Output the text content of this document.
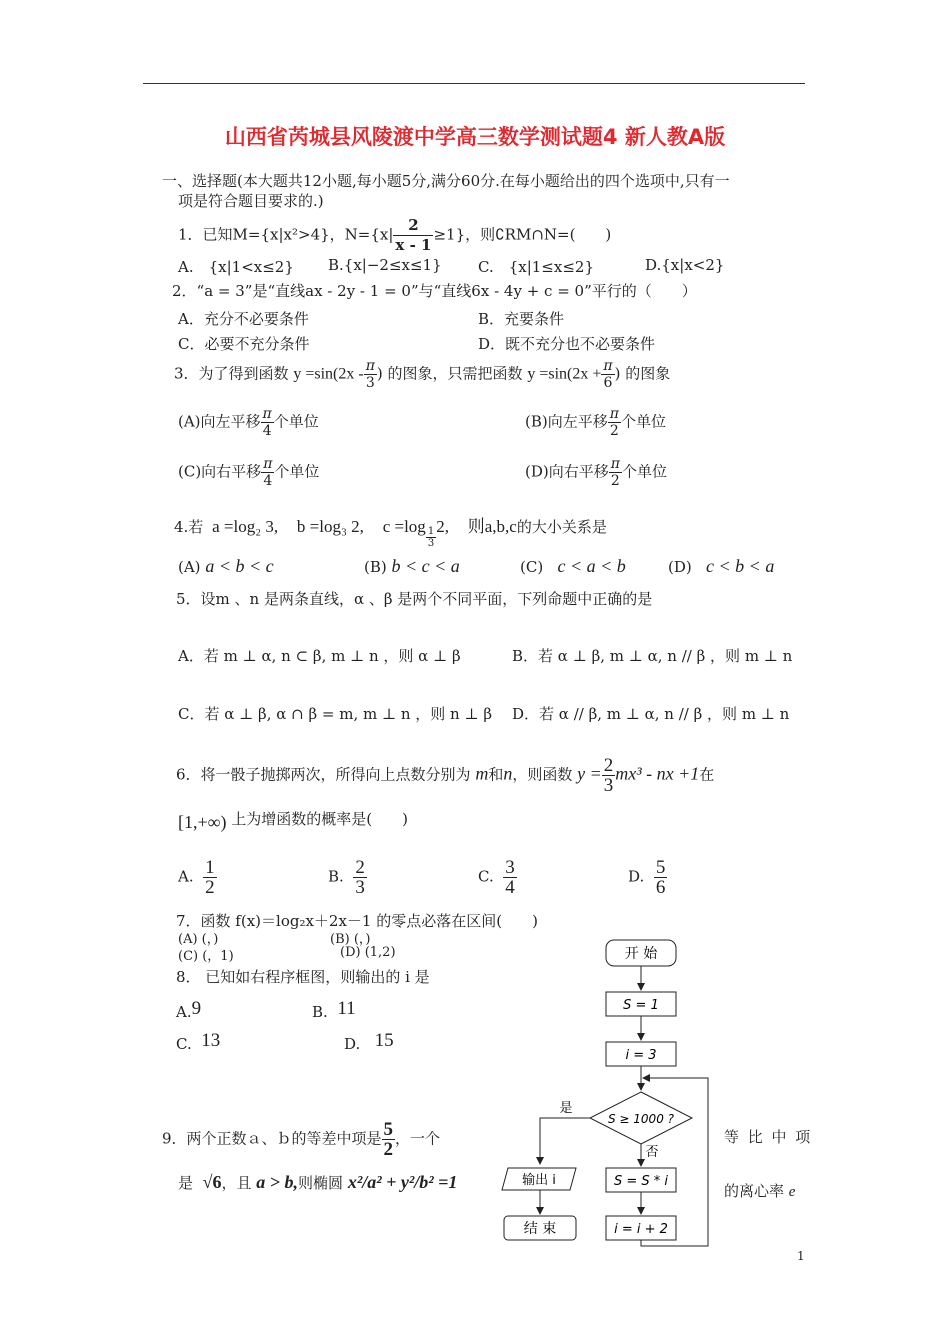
山西省芮城县风陵渡中学高三数学测试题4 新人教A版
一、选择题(本大题共12小题,每小题5分,满分60分.在每小题给出的四个选项中,只有一
项是符合题目要求的.)
1．已知M={x|x²>4}，$N=\{x| \frac{2}{x - 1} \ge 1\}$，则∁RM∩N=(　　)
A.　{x|1<x≤2} B.{x|−2≤x≤1} C.　{x|1≤x≤2}	D.{x|x<2}
2．“a = 3”是“直线ax - 2y - 1 = 0”与“直线6x - 4y + c = 0”平行的（　　）
A．充分不必要条件	B．充要条件
C．必要不充分条件	D．既不充分也不必要条件
3．为了得到函数 $y =\sin(2x - \frac{\pi}{3}$ ) 的图象，只需把函数 $y =\sin(2x + \frac{\pi}{6}$ ) 的图象
(A)向左平移 $\frac{\pi}{4}$ 个单位	(B)向左平移 $\frac{\pi}{2}$ 个单位
(C)向右平移 $\frac{\pi}{4}$ 个单位	(D)向右平移 $\frac{\pi}{2}$ 个单位
4.若 a =log₂ 3, b =log₃ 2, $c =\log \frac{1}{3} 2$, 则a,b,c的大小关系是
(A) a < b < c	(B) b < c < a	(C) c < a < b	(D) c < b < a
5．设m 、n 是两条直线，α 、β 是两个不同平面，下列命题中正确的是
A．若 m ⊥ α, n ⊂ β, m ⊥ n ，则 α ⊥ β	B．若 α ⊥ β, m ⊥ α, n // β ，则 m ⊥ n
C．若 α ⊥ β, α ∩ β = m, m ⊥ n ，则 n ⊥ β D．若 α // β, m ⊥ α, n // β ，则 m ⊥ n
6．将一骰子抛掷两次，所得向上点数分别为 m和n，则函数 $y = \frac{2}{3} mx^3$ - nx +1在
[1,+∞) 上为增函数的概率是(　　)
A. $\frac{1}{2}$	B. $\frac{2}{3}$	C. $\frac{3}{4}$	D. $\frac{5}{6}$
7．函数 f(x)＝log₂x＋2x－1 的零点必落在区间(　　)
(A) (，)	(B) (，)
(C) (，1)	(D) (1,2)
8． 已知如右程序框图，则输出的 i 是
A.9	B. 11
C. 13	D. 15
9．两个正数ａ、ｂ的等差中项是 $\frac{5}{2}$ ，一个	等 比 中 项
是 √6，且 a > b,则椭圆 x²/a² + y²/b² =1	的离心率 e
开 始
S = 1
i = 3
S ≥ 1000 ?
是
否
输出 i
结 束
S = S * i
i = i + 2
1
